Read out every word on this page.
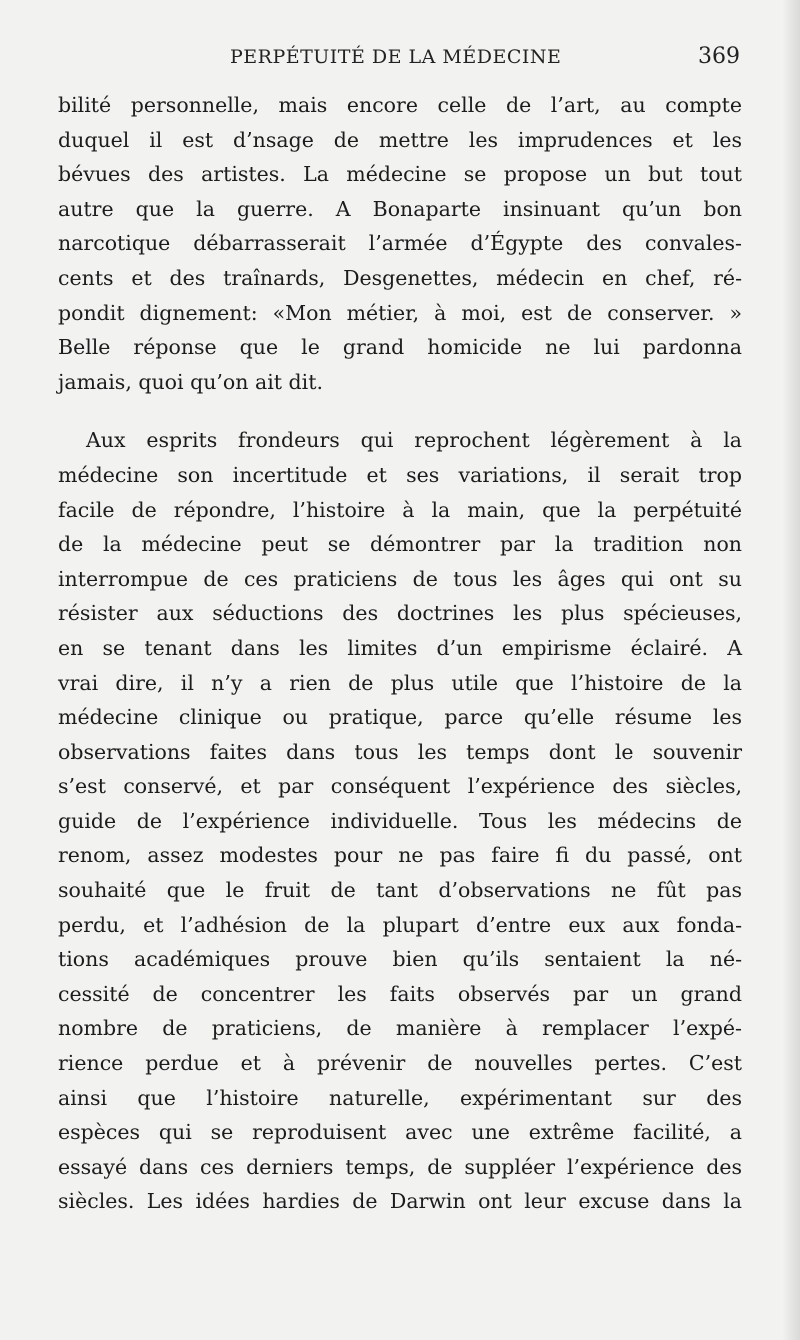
PERPÉTUITÉ DE LA MÉDECINE	369

bilité personnelle, mais encore celle de l’art, au compte
duquel il est d’nsage de mettre les imprudences et les
bévues des artistes. La médecine se propose un but tout
autre que la guerre. A Bonaparte insinuant qu’un bon
narcotique débarrasserait l’armée d’Égypte des convales-
cents et des traînards, Desgenettes, médecin en chef, ré-
pondit dignement: «Mon métier, à moi, est de conserver. »
Belle réponse que le grand homicide ne lui pardonna
jamais, quoi qu’on ait dit.

Aux esprits frondeurs qui reprochent légèrement à la
médecine son incertitude et ses variations, il serait trop
facile de répondre, l’histoire à la main, que la perpétuité
de la médecine peut se démontrer par la tradition non
interrompue de ces praticiens de tous les âges qui ont su
résister aux séductions des doctrines les plus spécieuses,
en se tenant dans les limites d’un empirisme éclairé. A
vrai dire, il n’y a rien de plus utile que l’histoire de la
médecine clinique ou pratique, parce qu’elle résume les
observations faites dans tous les temps dont le souvenir
s’est conservé, et par conséquent l’expérience des siècles,
guide de l’expérience individuelle. Tous les médecins de
renom, assez modestes pour ne pas faire fi du passé, ont
souhaité que le fruit de tant d’observations ne fût pas
perdu, et l’adhésion de la plupart d’entre eux aux fonda-
tions académiques prouve bien qu’ils sentaient la né-
cessité de concentrer les faits observés par un grand
nombre de praticiens, de manière à remplacer l’expé-
rience perdue et à prévenir de nouvelles pertes. C’est
ainsi que l’histoire naturelle, expérimentant sur des
espèces qui se reproduisent avec une extrême facilité, a
essayé dans ces derniers temps, de suppléer l’expérience des
siècles. Les idées hardies de Darwin ont leur excuse dans la
